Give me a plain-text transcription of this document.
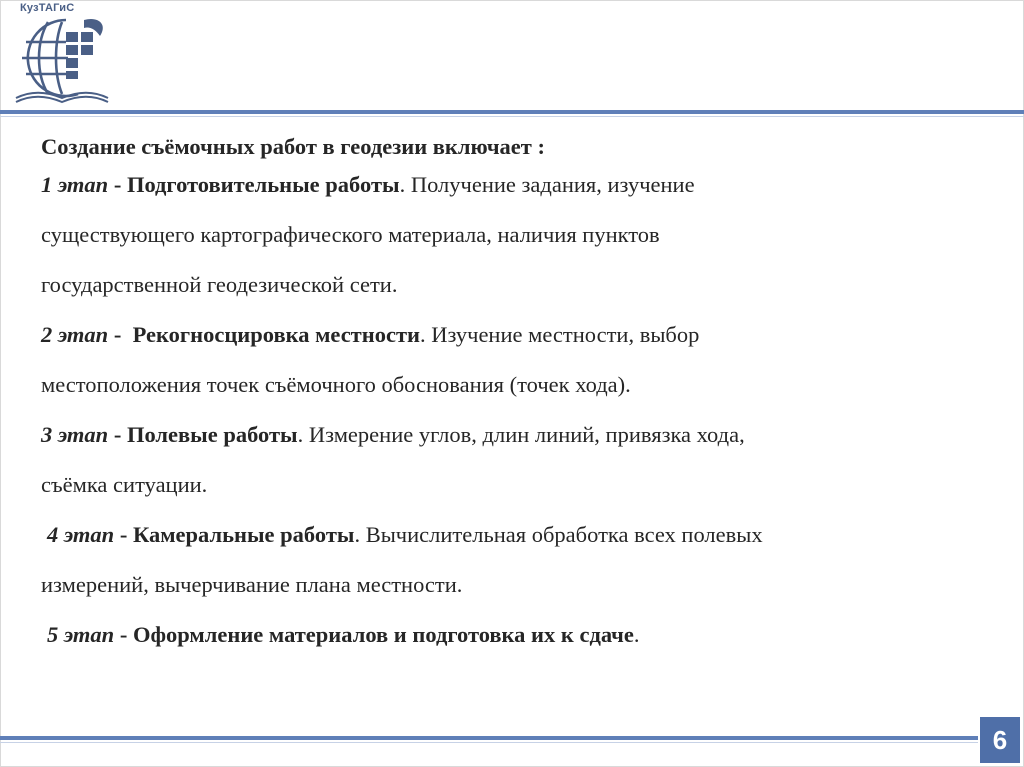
КузТАГиС
Создание съёмочных работ в геодезии включает :
1 этап - Подготовительные работы. Получение задания, изучение
существующего картографического материала, наличия пунктов
государственной геодезической сети.
2 этап -  Рекогносцировка местности. Изучение местности, выбор
местоположения точек съёмочного обоснования (точек хода).
3 этап - Полевые работы. Измерение углов, длин линий, привязка хода,
съёмка ситуации.
4 этап - Камеральные работы. Вычислительная обработка всех полевых
измерений, вычерчивание плана местности.
5 этап - Оформление материалов и подготовка их к сдаче.
6
